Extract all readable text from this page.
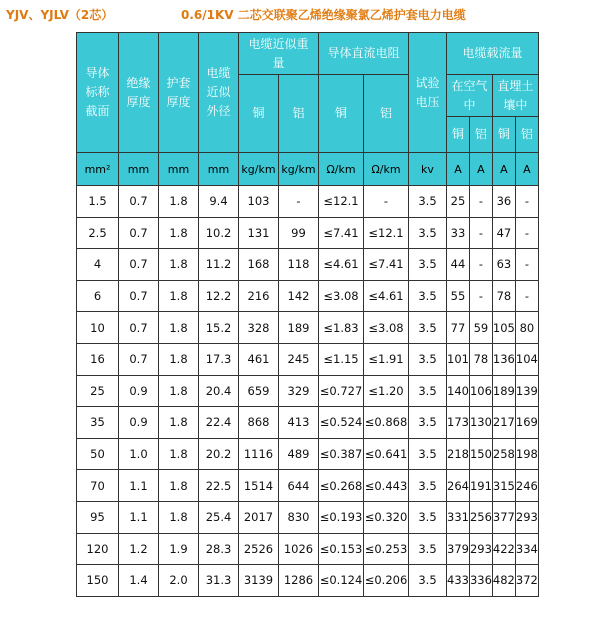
YJV、YJLV（2芯）	0.6/1KV 二芯交联聚乙烯绝缘聚氯乙烯护套电力电缆
导体标称截面	绝缘厚度	护套厚度	电缆近似外径	电缆近似重量		导体直流电阻		试验电压	电缆载流量			
				铜	铝	铜	铝		在空气中		直埋土壤中	
									铜	铝	铜	铝
mm²	mm	mm	mm	kg/km	kg/km	Ω/km	Ω/km	kv	A	A	A	A
1.5	0.7	1.8	9.4	103	-	≤12.1	-	3.5	25	-	36	-
2.5	0.7	1.8	10.2	131	99	≤7.41	≤12.1	3.5	33	-	47	-
4	0.7	1.8	11.2	168	118	≤4.61	≤7.41	3.5	44	-	63	-
6	0.7	1.8	12.2	216	142	≤3.08	≤4.61	3.5	55	-	78	-
10	0.7	1.8	15.2	328	189	≤1.83	≤3.08	3.5	77	59	105	80
16	0.7	1.8	17.3	461	245	≤1.15	≤1.91	3.5	101	78	136	104
25	0.9	1.8	20.4	659	329	≤0.727	≤1.20	3.5	140	106	189	139
35	0.9	1.8	22.4	868	413	≤0.524	≤0.868	3.5	173	130	217	169
50	1.0	1.8	20.2	1116	489	≤0.387	≤0.641	3.5	218	150	258	198
70	1.1	1.8	22.5	1514	644	≤0.268	≤0.443	3.5	264	191	315	246
95	1.1	1.8	25.4	2017	830	≤0.193	≤0.320	3.5	331	256	377	293
120	1.2	1.9	28.3	2526	1026	≤0.153	≤0.253	3.5	379	293	422	334
150	1.4	2.0	31.3	3139	1286	≤0.124	≤0.206	3.5	433	336	482	372
